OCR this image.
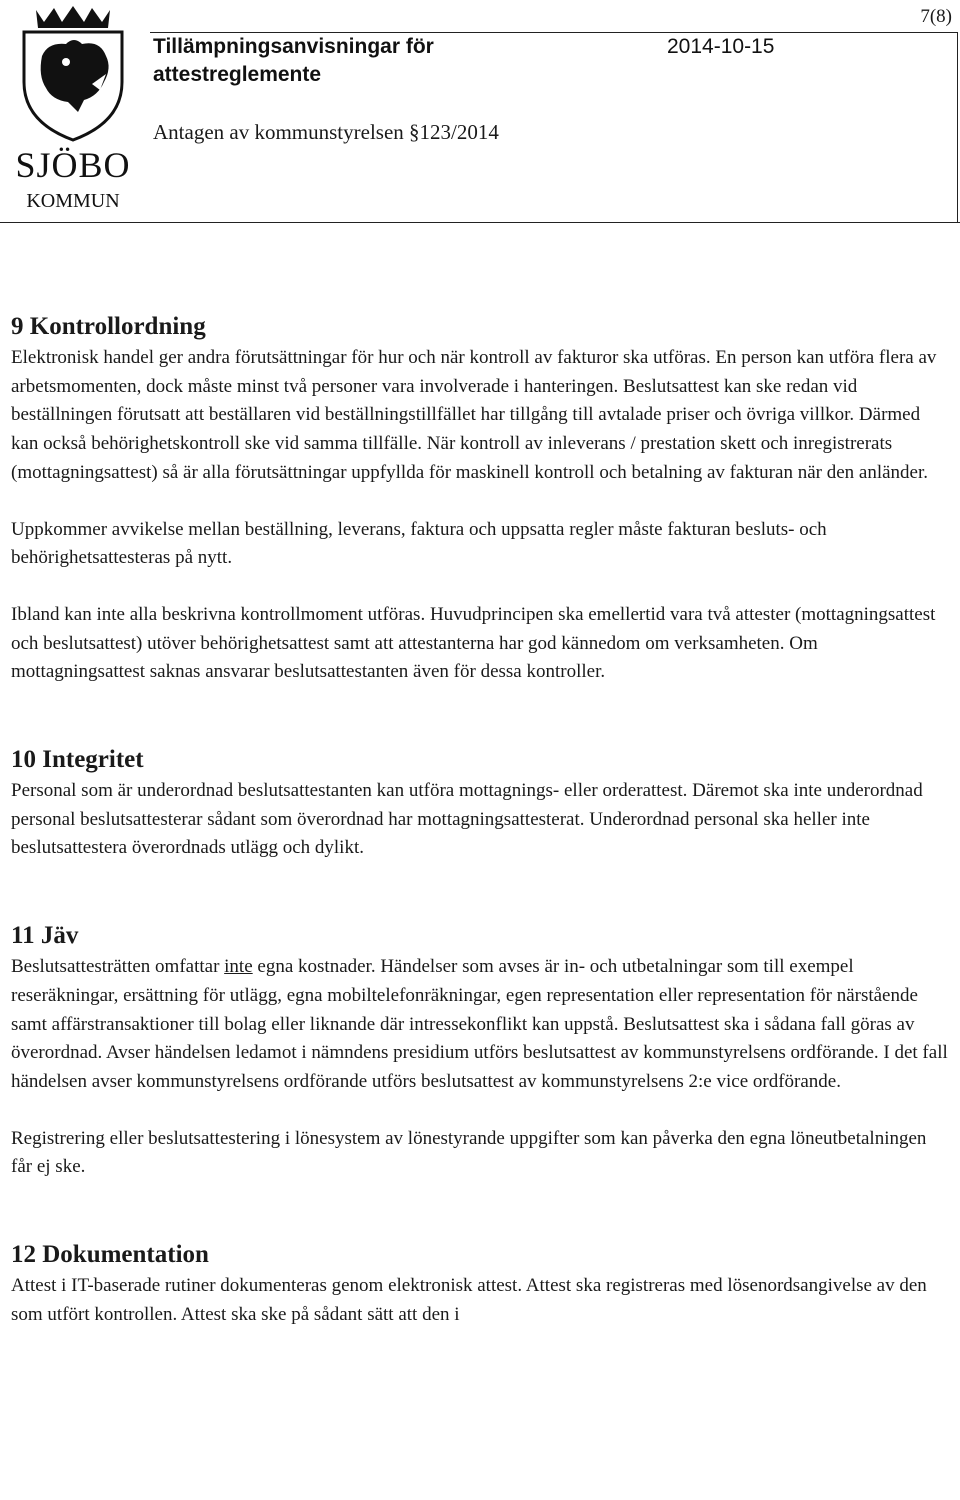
SJÖBO
KOMMUN
7(8)
Tillämpningsanvisningar för attestreglemente
2014-10-15
Antagen av kommunstyrelsen §123/2014
9 Kontrollordning

Elektronisk handel ger andra förutsättningar för hur och när kontroll av fakturor ska utföras. En person kan utföra flera av arbetsmomenten, dock måste minst två personer vara involverade i hanteringen. Beslutsattest kan ske redan vid beställningen förutsatt att beställaren vid beställningstillfället har tillgång till avtalade priser och övriga villkor. Därmed kan också behörighetskontroll ske vid samma tillfälle. När kontroll av inleverans / prestation skett och inregistrerats (mottagningsattest) så är alla förutsättningar uppfyllda för maskinell kontroll och betalning av fakturan när den anländer.

Uppkommer avvikelse mellan beställning, leverans, faktura och uppsatta regler måste fakturan besluts- och behörighetsattesteras på nytt.

Ibland kan inte alla beskrivna kontrollmoment utföras. Huvudprincipen ska emellertid vara två attester (mottagningsattest och beslutsattest) utöver behörighetsattest samt att attestanterna har god kännedom om verksamheten. Om mottagningsattest saknas ansvarar beslutsattestanten även för dessa kontroller.

10 Integritet

Personal som är underordnad beslutsattestanten kan utföra mottagnings- eller orderattest. Däremot ska inte underordnad personal beslutsattesterar sådant som överordnad har mottagningsattesterat. Underordnad personal ska heller inte beslutsattestera överordnads utlägg och dylikt.

11 Jäv

Beslutsattesträtten omfattar inte egna kostnader. Händelser som avses är in- och utbetalningar som till exempel reseräkningar, ersättning för utlägg, egna mobiltelefonräkningar, egen representation eller representation för närstående samt affärstransaktioner till bolag eller liknande där intressekonflikt kan uppstå. Beslutsattest ska i sådana fall göras av överordnad. Avser händelsen ledamot i nämndens presidium utförs beslutsattest av kommunstyrelsens ordförande. I det fall händelsen avser kommunstyrelsens ordförande utförs beslutsattest av kommunstyrelsens 2:e vice ordförande.

Registrering eller beslutsattestering i lönesystem av lönestyrande uppgifter som kan påverka den egna löneutbetalningen får ej ske.

12 Dokumentation

Attest i IT-baserade rutiner dokumenteras genom elektronisk attest. Attest ska registreras med lösenordsangivelse av den som utfört kontrollen. Attest ska ske på sådant sätt att den i
